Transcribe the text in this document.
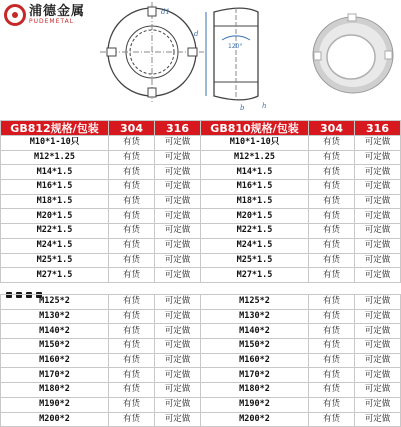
d1
d
120°
b	h
浦德金属
PUDEMETAL
GB812规格/包装	304	316	GB810规格/包装	304	316
M10*1-10只	有货	可定做	M10*1-10只	有货	可定做
M12*1.25	有货	可定做	M12*1.25	有货	可定做
M14*1.5	有货	可定做	M14*1.5	有货	可定做
M16*1.5	有货	可定做	M16*1.5	有货	可定做
M18*1.5	有货	可定做	M18*1.5	有货	可定做
M20*1.5	有货	可定做	M20*1.5	有货	可定做
M22*1.5	有货	可定做	M22*1.5	有货	可定做
M24*1.5	有货	可定做	M24*1.5	有货	可定做
M25*1.5	有货	可定做	M25*1.5	有货	可定做
M27*1.5	有货	可定做	M27*1.5	有货	可定做
M125*2	有货	可定做	M125*2	有货	可定做
M130*2	有货	可定做	M130*2	有货	可定做
M140*2	有货	可定做	M140*2	有货	可定做
M150*2	有货	可定做	M150*2	有货	可定做
M160*2	有货	可定做	M160*2	有货	可定做
M170*2	有货	可定做	M170*2	有货	可定做
M180*2	有货	可定做	M180*2	有货	可定做
M190*2	有货	可定做	M190*2	有货	可定做
M200*2	有货	可定做	M200*2	有货	可定做
